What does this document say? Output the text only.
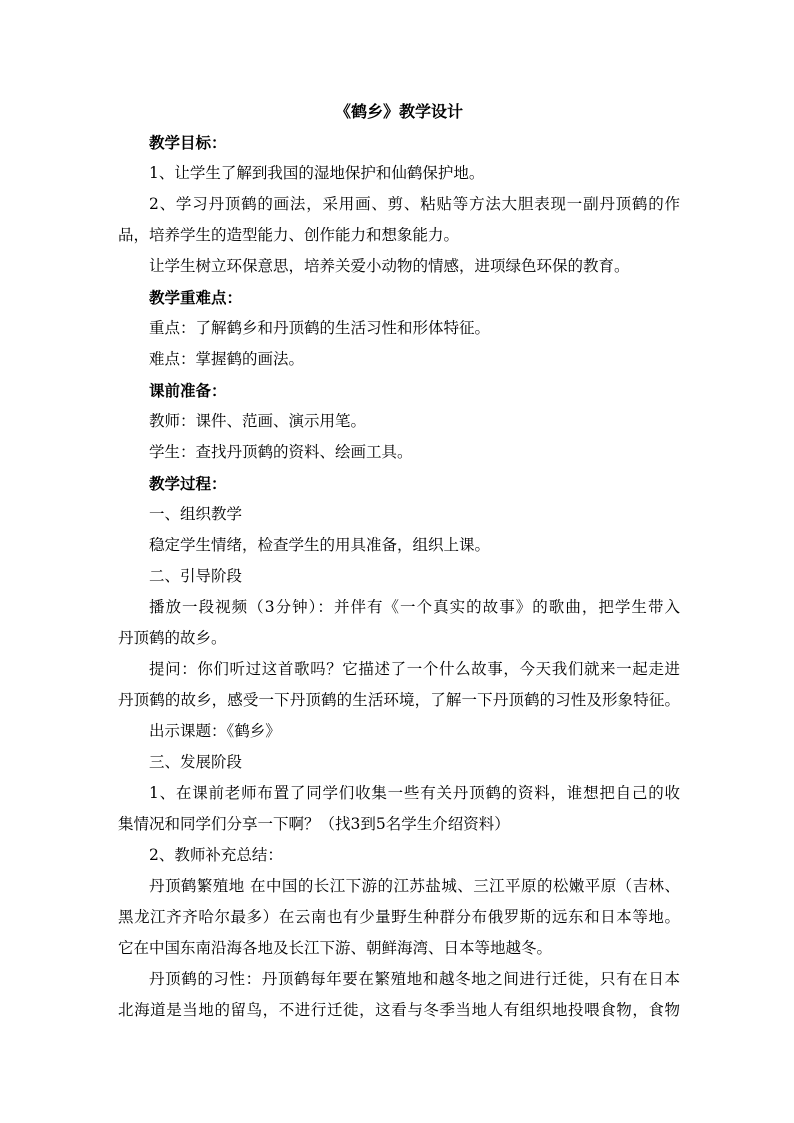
《鹤乡》教学设计
教学目标：
1、让学生了解到我国的湿地保护和仙鹤保护地。
2、学习丹顶鹤的画法，采用画、剪、粘贴等方法大胆表现一副丹顶鹤的作
品，培养学生的造型能力、创作能力和想象能力。
让学生树立环保意思，培养关爱小动物的情感，进项绿色环保的教育。
教学重难点：
重点：了解鹤乡和丹顶鹤的生活习性和形体特征。
难点：掌握鹤的画法。
课前准备：
教师：课件、范画、演示用笔。
学生：查找丹顶鹤的资料、绘画工具。
教学过程：
一、组织教学
稳定学生情绪，检查学生的用具准备，组织上课。
二、引导阶段
播放一段视频（3分钟）：并伴有《一个真实的故事》的歌曲，把学生带入
丹顶鹤的故乡。
提问：你们听过这首歌吗？它描述了一个什么故事，今天我们就来一起走进
丹顶鹤的故乡，感受一下丹顶鹤的生活环境，了解一下丹顶鹤的习性及形象特征。
出示课题：《鹤乡》
三、发展阶段
1、在课前老师布置了同学们收集一些有关丹顶鹤的资料，谁想把自己的收
集情况和同学们分享一下啊？（找3到5名学生介绍资料）
2、教师补充总结：
丹顶鹤繁殖地 在中国的长江下游的江苏盐城、三江平原的松嫩平原（吉林、
黑龙江齐齐哈尔最多）在云南也有少量野生种群分布俄罗斯的远东和日本等地。
它在中国东南沿海各地及长江下游、朝鲜海湾、日本等地越冬。
丹顶鹤的习性：丹顶鹤每年要在繁殖地和越冬地之间进行迁徙，只有在日本
北海道是当地的留鸟，不进行迁徙，这看与冬季当地人有组织地投喂食物，食物
